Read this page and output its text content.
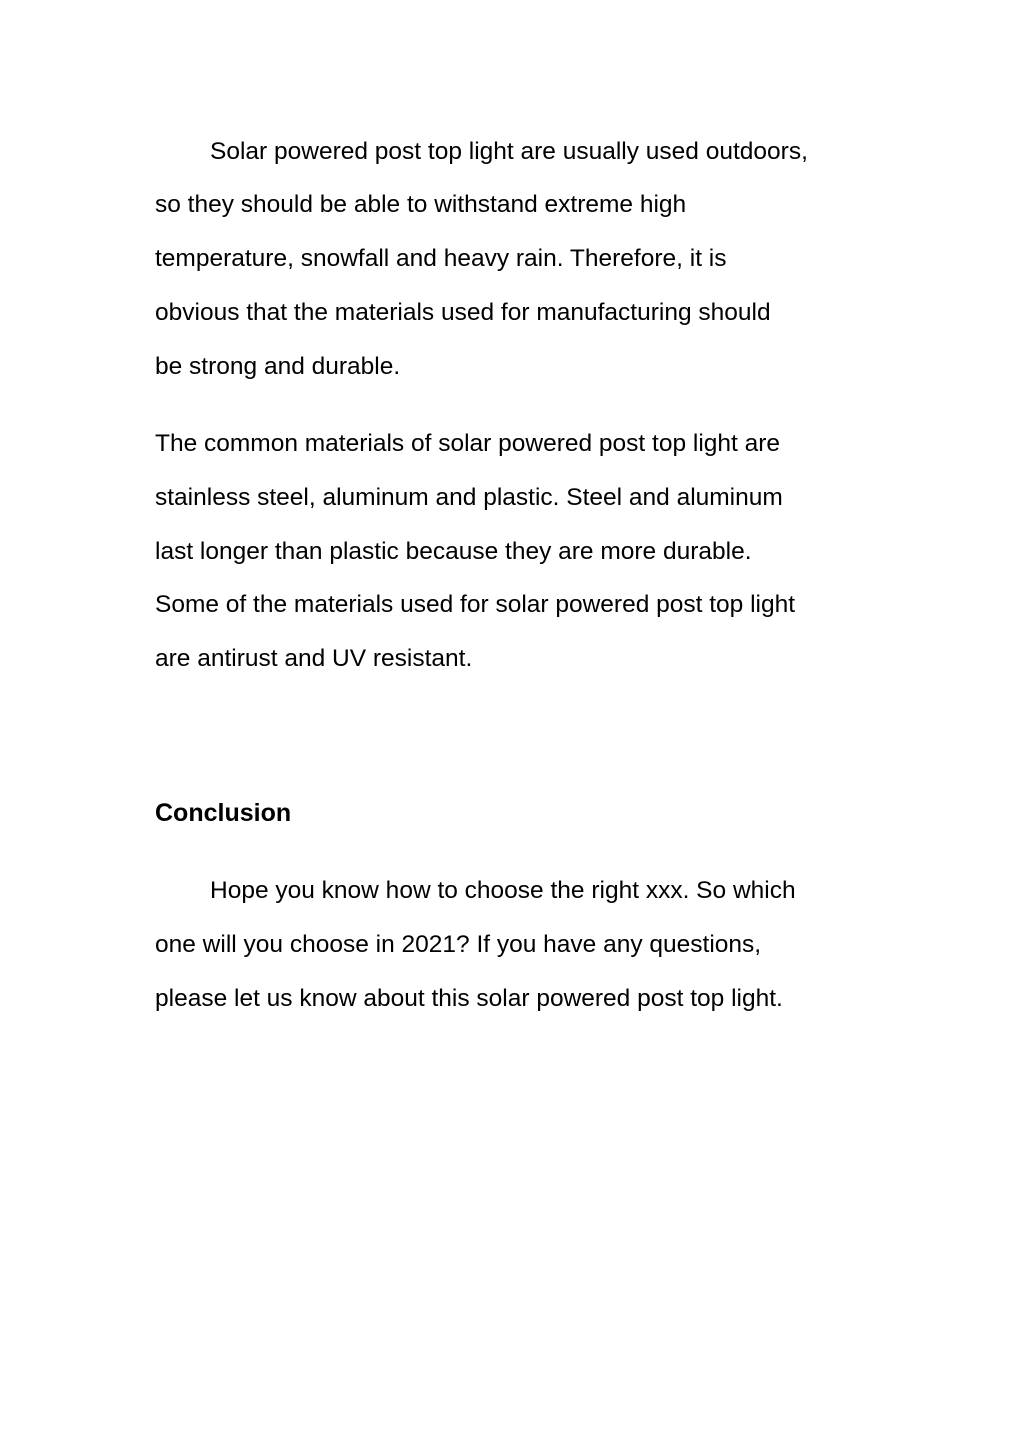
Solar powered post top light are usually used outdoors,

so they should be able to withstand extreme high

temperature, snowfall and heavy rain. Therefore, it is

obvious that the materials used for manufacturing should

be strong and durable.

The common materials of solar powered post top light are

stainless steel, aluminum and plastic. Steel and aluminum

last longer than plastic because they are more durable.

Some of the materials used for solar powered post top light

are antirust and UV resistant.

Conclusion

Hope you know how to choose the right xxx. So which

one will you choose in 2021? If you have any questions,

please let us know about this solar powered post top light.
